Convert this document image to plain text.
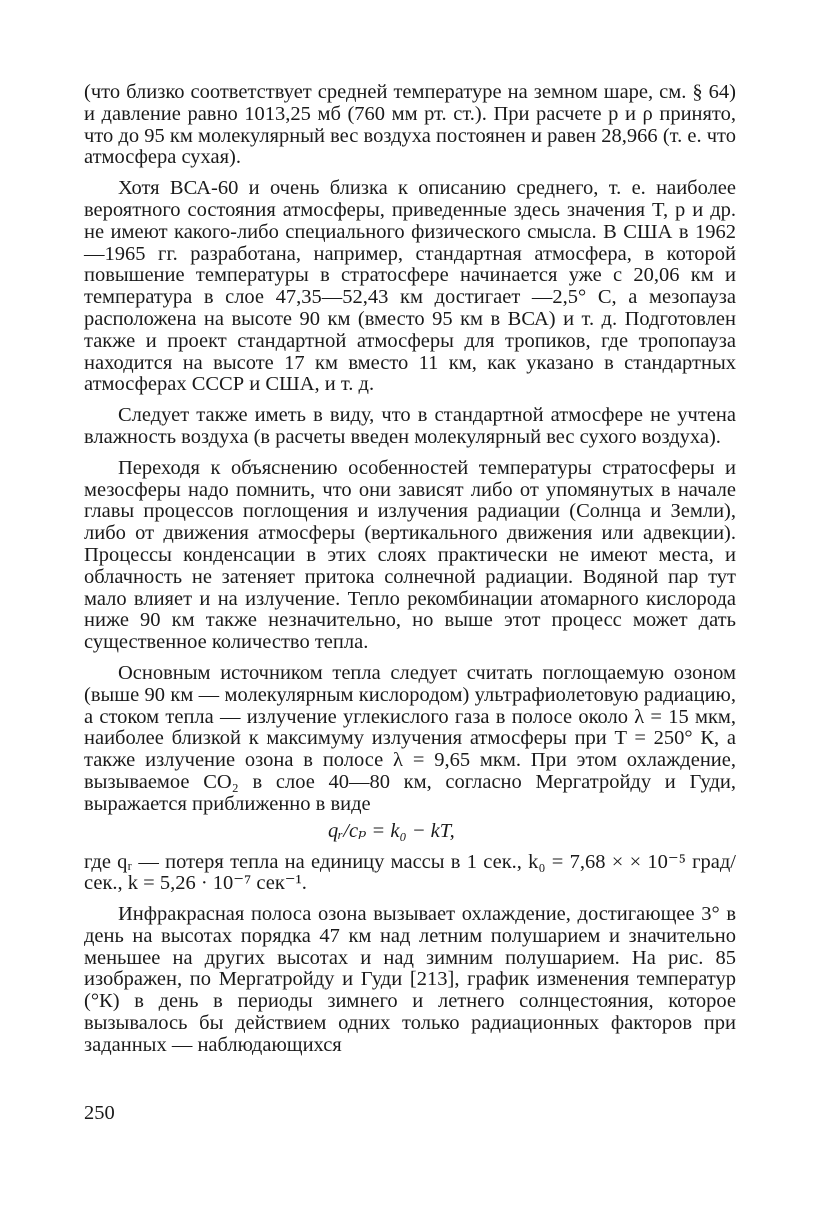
(что близко соответствует средней температуре на земном шаре, см. § 64) и давление равно 1013,25 мб (760 мм рт. ст.). При расчете p и ρ принято, что до 95 км молекулярный вес воздуха постоянен и равен 28,966 (т. е. что атмосфера сухая).

Хотя ВСА-60 и очень близка к описанию среднего, т. е. наиболее вероятного состояния атмосферы, приведенные здесь значения T, p и др. не имеют какого-либо специального физического смысла. В США в 1962—1965 гг. разработана, например, стандартная атмосфера, в которой повышение температуры в стратосфере начинается уже с 20,06 км и температура в слое 47,35—52,43 км достигает —2,5° С, а мезопауза расположена на высоте 90 км (вместо 95 км в ВСА) и т. д. Подготовлен также и проект стандартной атмосферы для тропиков, где тропопауза находится на высоте 17 км вместо 11 км, как указано в стандартных атмосферах СССР и США, и т. д.

Следует также иметь в виду, что в стандартной атмосфере не учтена влажность воздуха (в расчеты введен молекулярный вес сухого воздуха).

Переходя к объяснению особенностей температуры стратосферы и мезосферы надо помнить, что они зависят либо от упомянутых в начале главы процессов поглощения и излучения радиации (Солнца и Земли), либо от движения атмосферы (вертикального движения или адвекции). Процессы конденсации в этих слоях практически не имеют места, и облачность не затеняет притока солнечной радиации. Водяной пар тут мало влияет и на излучение. Тепло рекомбинации атомарного кислорода ниже 90 км также незначительно, но выше этот процесс может дать существенное количество тепла.

Основным источником тепла следует считать поглощаемую озоном (выше 90 км — молекулярным кислородом) ультрафиолетовую радиацию, а стоком тепла — излучение углекислого газа в полосе около λ = 15 мкм, наиболее близкой к максимуму излучения атмосферы при T = 250° К, а также излучение озона в полосе λ = 9,65 мкм. При этом охлаждение, вызываемое CO₂ в слое 40—80 км, согласно Мергатройду и Гуди, выражается приближенно в виде

qᵣ/cₚ = k₀ − kT,

где qᵣ — потеря тепла на единицу массы в 1 сек., k₀ = 7,68 × × 10⁻⁵ град/сек., k = 5,26 · 10⁻⁷ сек⁻¹.

Инфракрасная полоса озона вызывает охлаждение, достигающее 3° в день на высотах порядка 47 км над летним полушарием и значительно меньшее на других высотах и над зимним полушарием. На рис. 85 изображен, по Мергатройду и Гуди [213], график изменения температур (°К) в день в периоды зимнего и летнего солнцестояния, которое вызывалось бы действием одних только радиационных факторов при заданных — наблюдающихся

250
